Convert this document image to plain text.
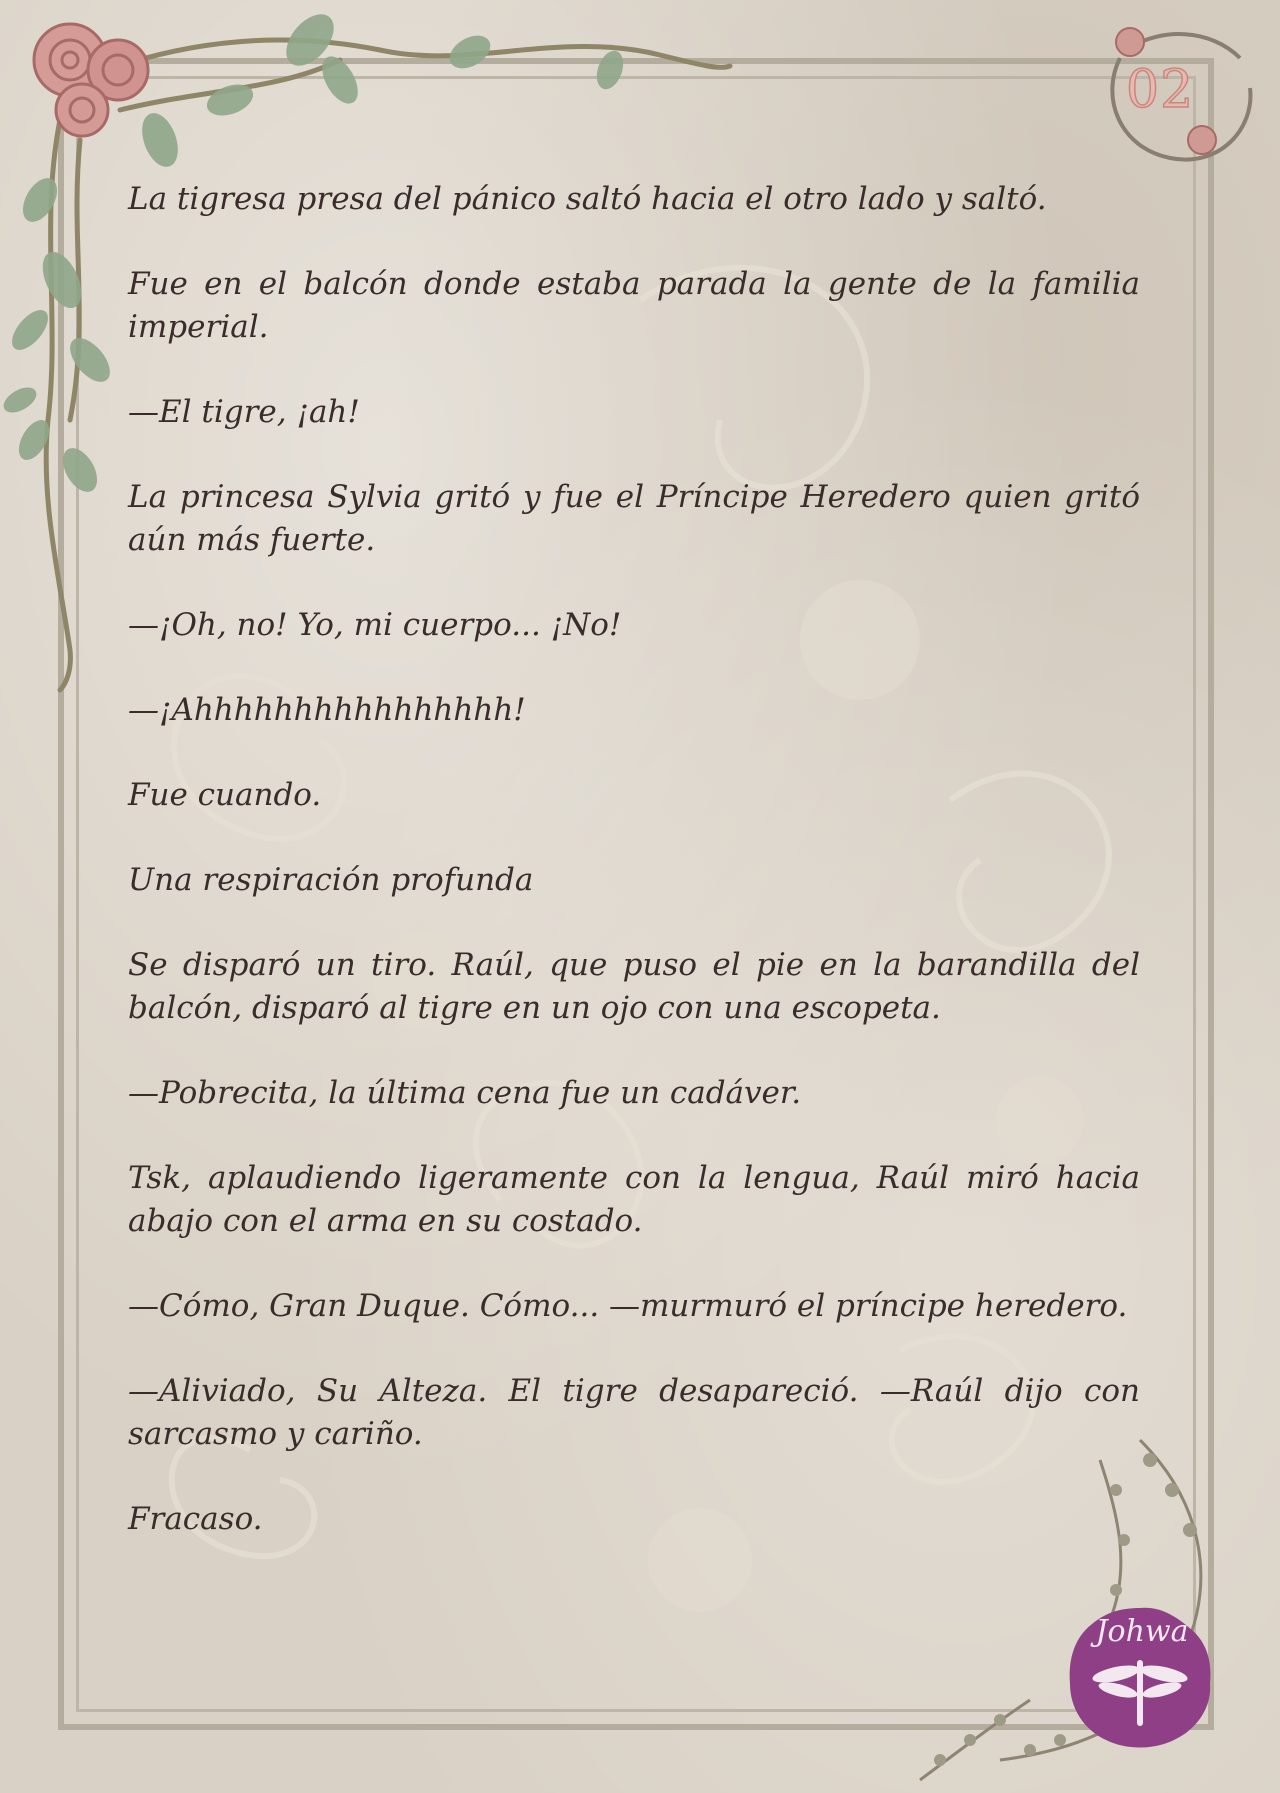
02
Johwa

La tigresa presa del pánico saltó hacia el otro lado y saltó.

Fue en el balcón donde estaba parada la gente de la familia imperial.

—El tigre, ¡ah!

La princesa Sylvia gritó y fue el Príncipe Heredero quien gritó aún más fuerte.

—¡Oh, no! Yo, mi cuerpo... ¡No!

—¡Ahhhhhhhhhhhhhhhh!

Fue cuando.

Una respiración profunda

Se disparó un tiro. Raúl, que puso el pie en la barandilla del balcón, disparó al tigre en un ojo con una escopeta.

—Pobrecita, la última cena fue un cadáver.

Tsk, aplaudiendo ligeramente con la lengua, Raúl miró hacia abajo con el arma en su costado.

—Cómo, Gran Duque. Cómo... —murmuró el príncipe heredero.

—Aliviado, Su Alteza. El tigre desapareció. —Raúl dijo con sarcasmo y cariño.

Fracaso.
